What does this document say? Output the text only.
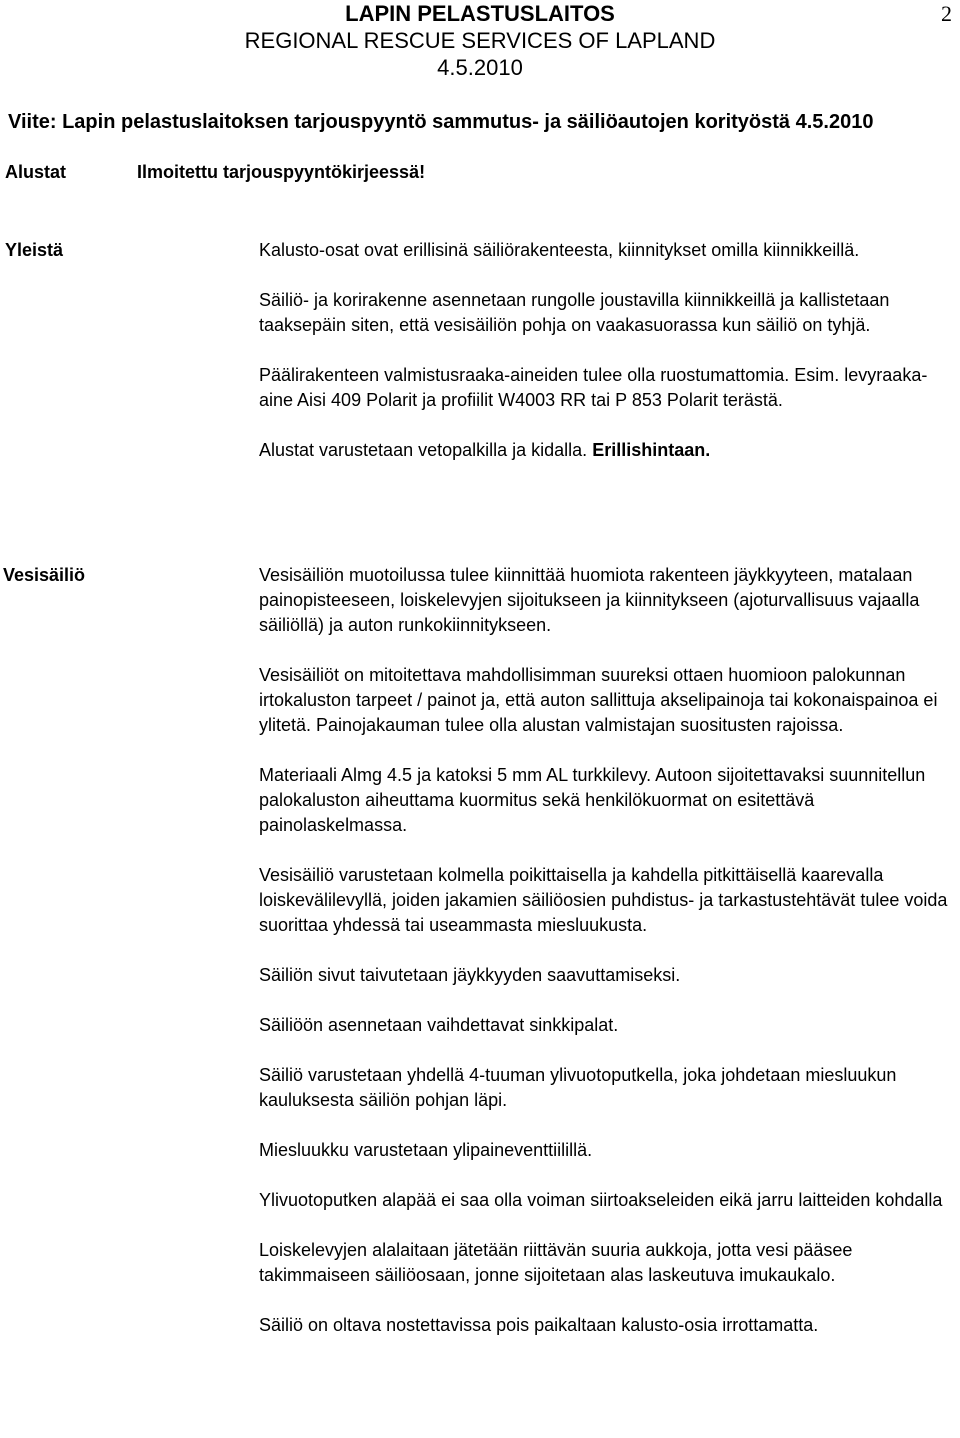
LAPIN PELASTUSLAITOS
REGIONAL RESCUE SERVICES OF LAPLAND
4.5.2010
2
Viite: Lapin pelastuslaitoksen tarjouspyyntö sammutus- ja säiliöautojen korityöstä 4.5.2010
Alustat	Ilmoitettu tarjouspyyntökirjeessä!
Yleistä	Kalusto-osat ovat erillisinä säiliörakenteesta, kiinnitykset omilla kiinnikkeillä.

Säiliö- ja korirakenne asennetaan rungolle joustavilla kiinnikkeillä ja kallistetaan taaksepäin siten, että vesisäiliön pohja on vaakasuorassa kun säiliö on tyhjä.

Päälirakenteen valmistusraaka-aineiden tulee olla ruostumattomia. Esim. levyraaka-aine Aisi 409 Polarit ja profiilit W4003 RR tai P 853 Polarit terästä.

Alustat varustetaan vetopalkilla ja kidalla. Erillishintaan.

Vesisäiliö	Vesisäiliön muotoilussa tulee kiinnittää huomiota rakenteen jäykkyyteen, matalaan painopisteeseen, loiskelevyjen sijoitukseen ja kiinnitykseen (ajoturvallisuus vajaalla säiliöllä) ja auton runkokiinnitykseen.

Vesisäiliöt on mitoitettava mahdollisimman suureksi ottaen huomioon palokunnan irtokaluston tarpeet / painot ja, että auton sallittuja akselipainoja tai kokonaispainoa ei ylitetä. Painojakauman tulee olla alustan valmistajan suositusten rajoissa.

Materiaali Almg 4.5 ja katoksi 5 mm AL turkkilevy. Autoon sijoitettavaksi suunnitellun palokaluston aiheuttama kuormitus sekä henkilökuormat on esitettävä painolaskelmassa.

Vesisäiliö varustetaan kolmella poikittaisella ja kahdella pitkittäisellä kaarevalla loiskevälilevyllä, joiden jakamien säiliöosien puhdistus- ja tarkastustehtävät tulee voida suorittaa yhdessä tai useammasta miesluukusta.

Säiliön sivut taivutetaan jäykkyyden saavuttamiseksi.

Säiliöön asennetaan vaihdettavat sinkkipalat.

Säiliö varustetaan yhdellä 4-tuuman ylivuotoputkella, joka johdetaan miesluukun kauluksesta säiliön pohjan läpi.

Miesluukku varustetaan ylipaineventtiilillä.

Ylivuotoputken alapää ei saa olla voiman siirtoakseleiden eikä jarru laitteiden kohdalla

Loiskelevyjen alalaitaan jätetään riittävän suuria aukkoja, jotta vesi pääsee takimmaiseen säiliöosaan, jonne sijoitetaan alas laskeutuva imukaukalo.

Säiliö on oltava nostettavissa pois paikaltaan kalusto-osia irrottamatta.
